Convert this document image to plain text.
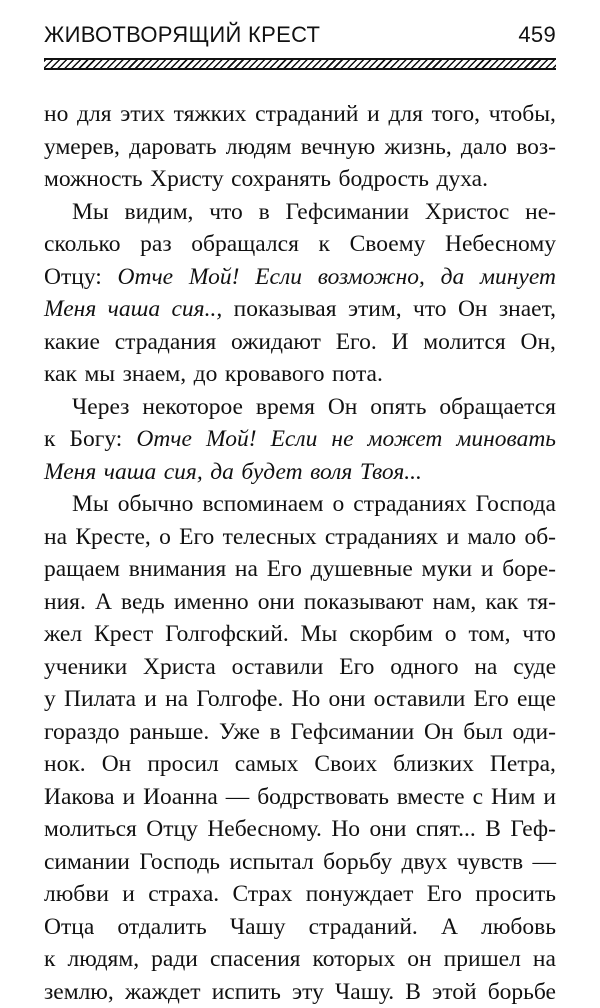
ЖИВОТВОРЯЩИЙ КРЕСТ	459
но для этих тяжких страданий и для того, чтобы,
умерев, даровать людям вечную жизнь, дало воз-
можность Христу сохранять бодрость духа.
Мы видим, что в Гефсимании Христос не-
сколько раз обращался к Своему Небесному
Отцу: Отче Мой! Если возможно, да минует
Меня чаша сия.., показывая этим, что Он знает,
какие страдания ожидают Его. И молится Он,
как мы знаем, до кровавого пота.
Через некоторое время Он опять обращается
к Богу: Отче Мой! Если не может миновать
Меня чаша сия, да будет воля Твоя...
Мы обычно вспоминаем о страданиях Господа
на Кресте, о Его телесных страданиях и мало об-
ращаем внимания на Его душевные муки и боре-
ния. А ведь именно они показывают нам, как тя-
жел Крест Голгофский. Мы скорбим о том, что
ученики Христа оставили Его одного на суде
у Пилата и на Голгофе. Но они оставили Его еще
гораздо раньше. Уже в Гефсимании Он был оди-
нок. Он просил самых Своих близких Петра,
Иакова и Иоанна — бодрствовать вместе с Ним и
молиться Отцу Небесному. Но они спят... В Геф-
симании Господь испытал борьбу двух чувств —
любви и страха. Страх понуждает Его просить
Отца отдалить Чашу страданий. А любовь
к людям, ради спасения которых он пришел на
землю, жаждет испить эту Чашу. В этой борьбе
